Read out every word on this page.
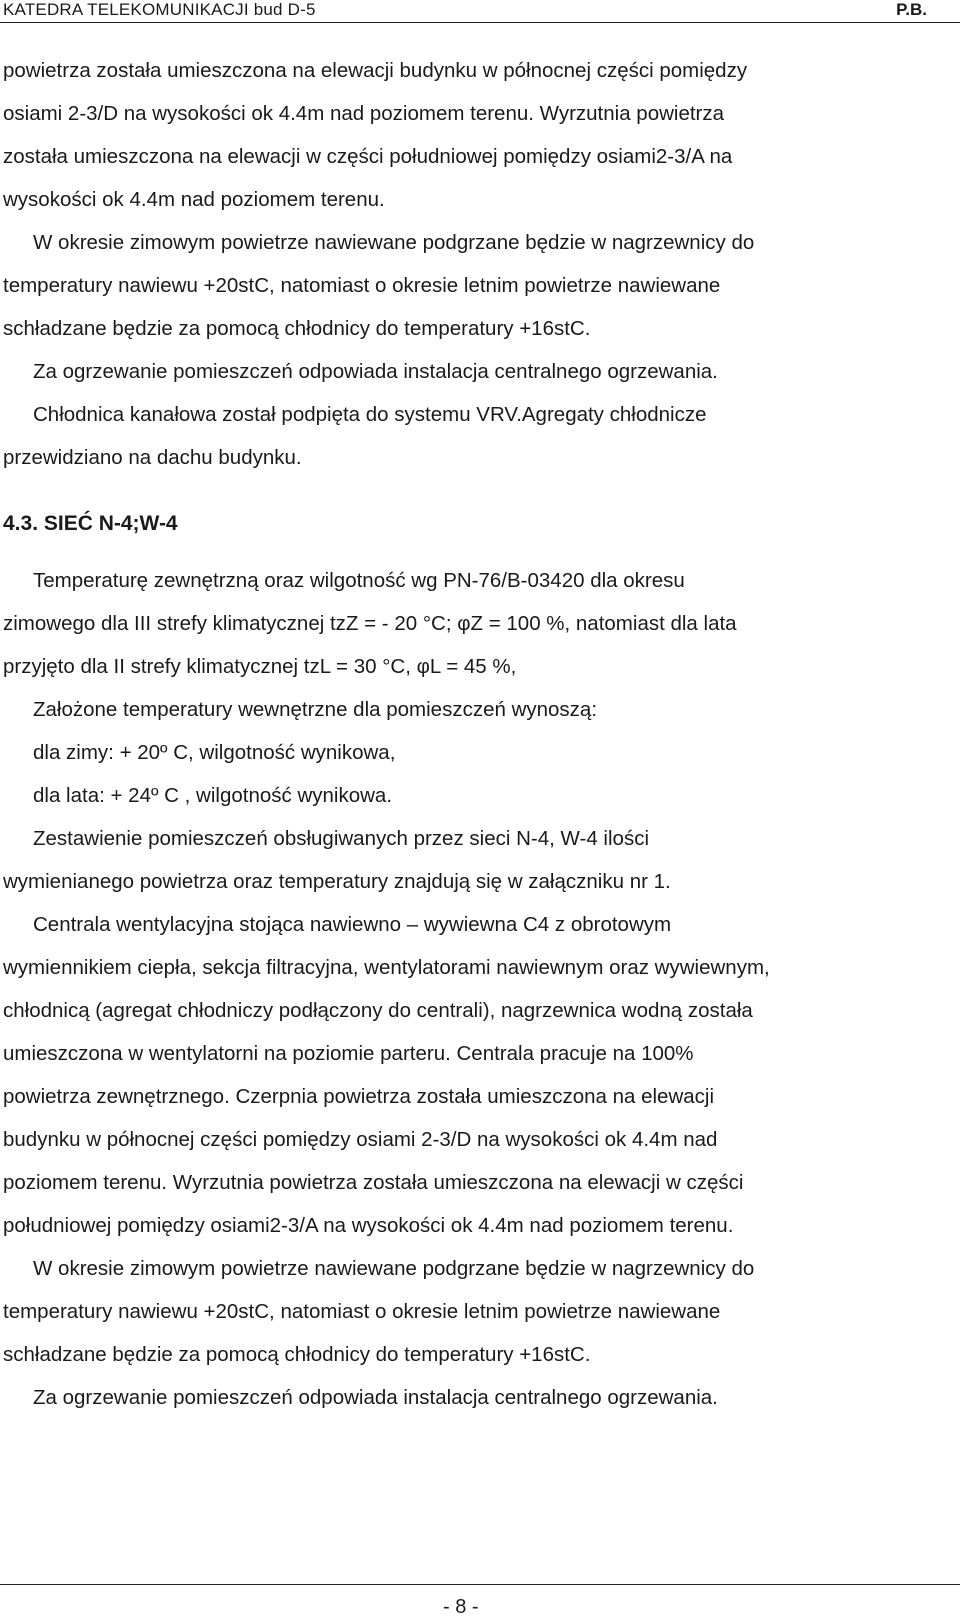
KATEDRA TELEKOMUNIKACJI bud D-5	P.B.
powietrza została umieszczona na elewacji budynku w północnej części pomiędzy
osiami 2-3/D na wysokości ok 4.4m nad poziomem terenu. Wyrzutnia powietrza
została umieszczona na elewacji w części południowej pomiędzy osiami2-3/A na
wysokości ok 4.4m nad poziomem terenu.
W okresie zimowym powietrze nawiewane podgrzane będzie w nagrzewnicy do
temperatury nawiewu +20stC, natomiast o okresie letnim powietrze nawiewane
schładzane będzie za pomocą chłodnicy do temperatury +16stC.
Za ogrzewanie pomieszczeń odpowiada instalacja centralnego ogrzewania.
Chłodnica kanałowa został podpięta do systemu VRV.Agregaty chłodnicze
przewidziano na dachu budynku.
4.3. SIEĆ N-4;W-4
Temperaturę zewnętrzną oraz wilgotność wg PN-76/B-03420 dla okresu
zimowego dla III strefy klimatycznej tzZ = - 20 °C; φZ = 100 %, natomiast dla lata
przyjęto dla II strefy klimatycznej tzL = 30 °C, φL = 45 %,
Założone temperatury wewnętrzne dla pomieszczeń wynoszą:
dla zimy: + 20º C, wilgotność wynikowa,
dla lata: + 24º C , wilgotność wynikowa.
Zestawienie pomieszczeń obsługiwanych przez sieci N-4, W-4 ilości
wymienianego powietrza oraz temperatury znajdują się w załączniku nr 1.
Centrala wentylacyjna stojąca nawiewno – wywiewna C4 z obrotowym
wymiennikiem ciepła, sekcja filtracyjna, wentylatorami nawiewnym oraz wywiewnym,
chłodnicą (agregat chłodniczy podłączony do centrali), nagrzewnica wodną została
umieszczona w wentylatorni na poziomie parteru. Centrala pracuje na 100%
powietrza zewnętrznego. Czerpnia powietrza została umieszczona na elewacji
budynku w północnej części pomiędzy osiami 2-3/D na wysokości ok 4.4m nad
poziomem terenu. Wyrzutnia powietrza została umieszczona na elewacji w części
południowej pomiędzy osiami2-3/A na wysokości ok 4.4m nad poziomem terenu.
W okresie zimowym powietrze nawiewane podgrzane będzie w nagrzewnicy do
temperatury nawiewu +20stC, natomiast o okresie letnim powietrze nawiewane
schładzane będzie za pomocą chłodnicy do temperatury +16stC.
Za ogrzewanie pomieszczeń odpowiada instalacja centralnego ogrzewania.
- 8 -
